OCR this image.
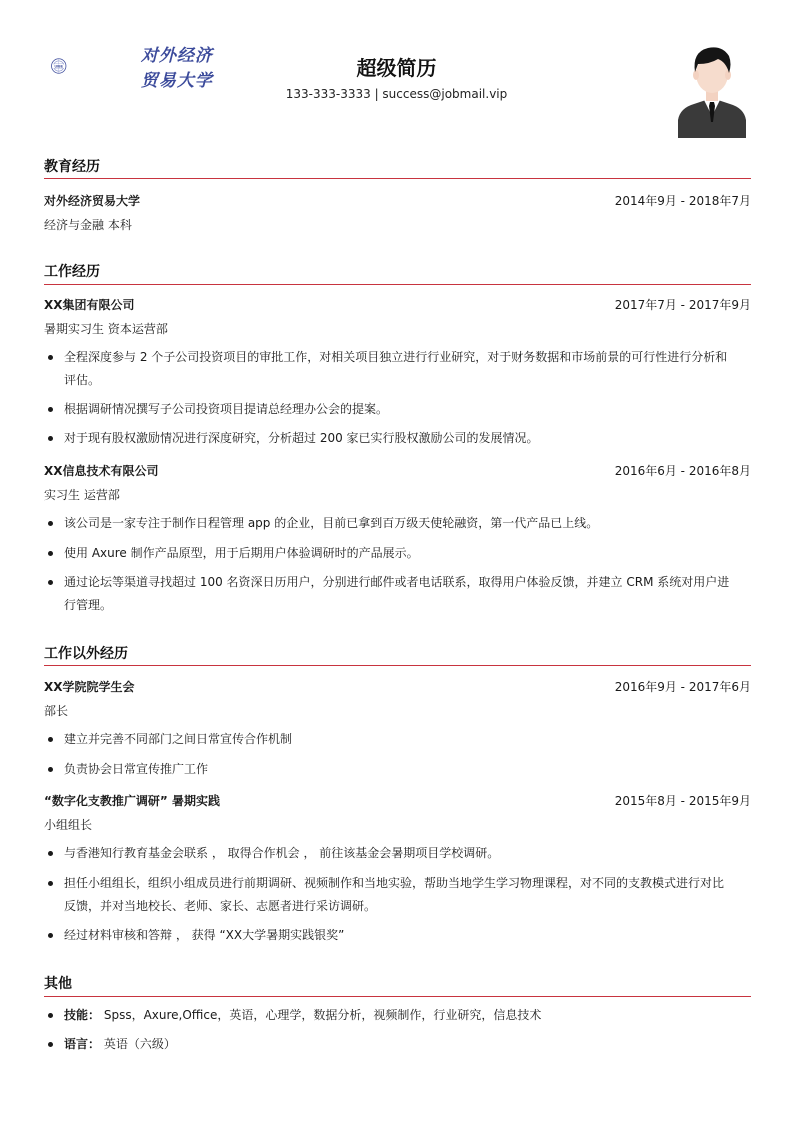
UIBE
对外经济贸易大学
超级简历
133-333-3333 | success@jobmail.vip
教育经历
对外经济贸易大学	2014年9月 - 2018年7月
经济与金融 本科
工作经历
XX集团有限公司	2017年7月 - 2017年9月
暑期实习生 资本运营部
全程深度参与 2 个子公司投资项目的审批工作，对相关项目独立进行行业研究，对于财务数据和市场前景的可行性进行分析和
评估。
根据调研情况撰写子公司投资项目提请总经理办公会的提案。
对于现有股权激励情况进行深度研究，分析超过 200 家已实行股权激励公司的发展情况。
XX信息技术有限公司	2016年6月 - 2016年8月
实习生 运营部
该公司是一家专注于制作日程管理 app 的企业，目前已拿到百万级天使轮融资，第一代产品已上线。
使用 Axure 制作产品原型，用于后期用户体验调研时的产品展示。
通过论坛等渠道寻找超过 100 名资深日历用户，分别进行邮件或者电话联系，取得用户体验反馈，并建立 CRM 系统对用户进
行管理。
工作以外经历
XX学院院学生会	2016年9月 - 2017年6月
部长
建立并完善不同部门之间日常宣传合作机制
负责协会日常宣传推广工作
“数字化支教推广调研” 暑期实践	2015年8月 - 2015年9月
小组组长
与香港知行教育基金会联系 ， 取得合作机会 ， 前往该基金会暑期项目学校调研。
担任小组组长，组织小组成员进行前期调研、视频制作和当地实验，帮助当地学生学习物理课程，对不同的支教模式进行对比
反馈，并对当地校长、老师、家长、志愿者进行采访调研。
经过材料审核和答辩 ， 获得 “XX大学暑期实践银奖”
其他
技能： Spss，Axure,Office，英语，心理学，数据分析，视频制作，行业研究，信息技术
语言： 英语（六级）
